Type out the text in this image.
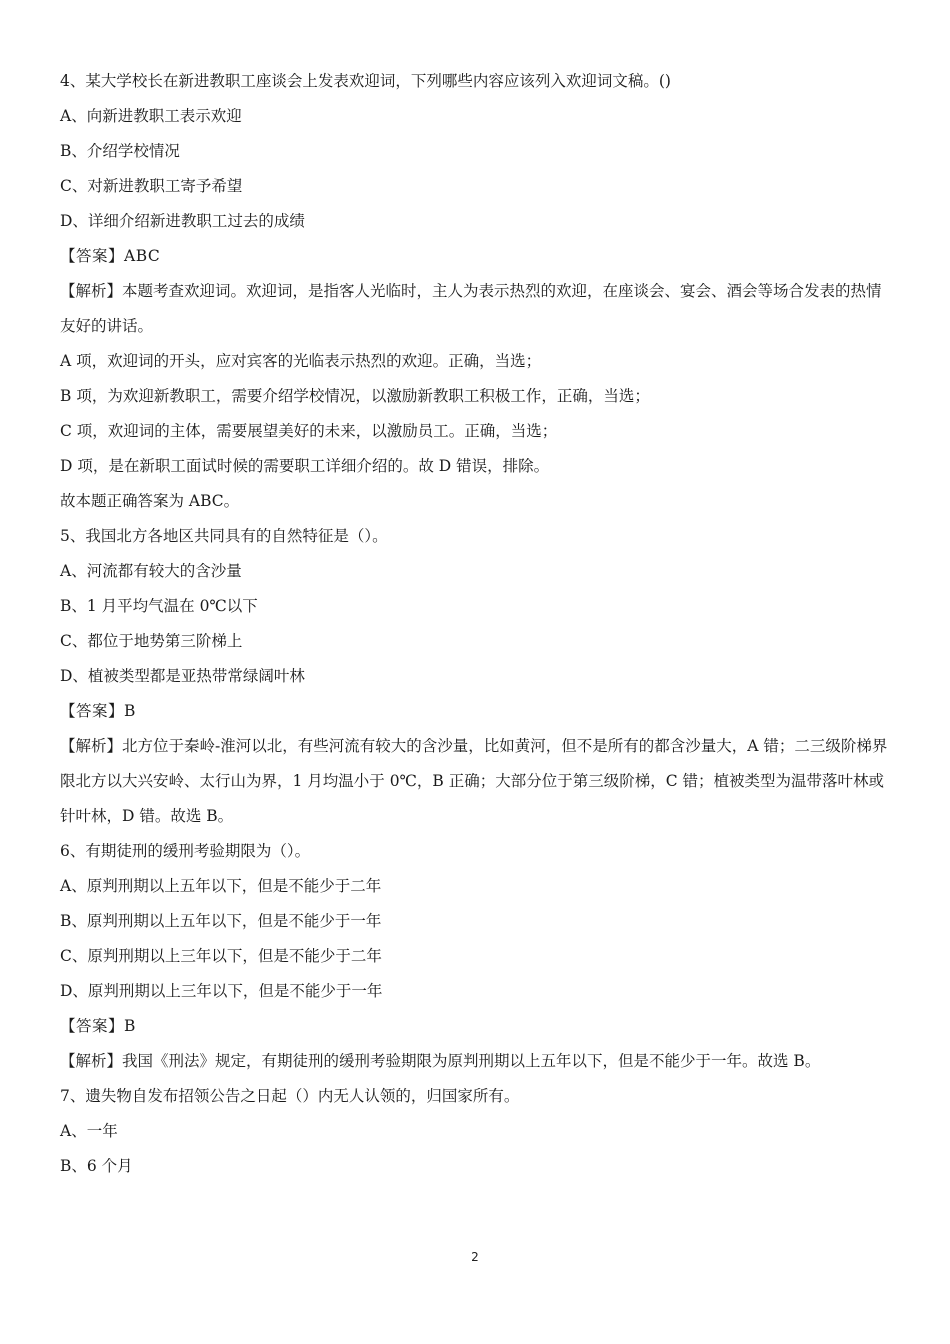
4、某大学校长在新进教职工座谈会上发表欢迎词，下列哪些内容应该列入欢迎词文稿。()

A、向新进教职工表示欢迎

B、介绍学校情况

C、对新进教职工寄予希望

D、详细介绍新进教职工过去的成绩

【答案】ABC

【解析】本题考查欢迎词。欢迎词，是指客人光临时，主人为表示热烈的欢迎，在座谈会、宴会、酒会等场合发表的热情友好的讲话。

A 项，欢迎词的开头，应对宾客的光临表示热烈的欢迎。正确，当选；

B 项，为欢迎新教职工，需要介绍学校情况，以激励新教职工积极工作，正确，当选；

C 项，欢迎词的主体，需要展望美好的未来，以激励员工。正确，当选；

D 项，是在新职工面试时候的需要职工详细介绍的。故 D 错误，排除。

故本题正确答案为 ABC。

5、我国北方各地区共同具有的自然特征是（）。

A、河流都有较大的含沙量

B、1 月平均气温在 0℃以下

C、都位于地势第三阶梯上

D、植被类型都是亚热带常绿阔叶林

【答案】B

【解析】北方位于秦岭-淮河以北，有些河流有较大的含沙量，比如黄河，但不是所有的都含沙量大，A 错；二三级阶梯界限北方以大兴安岭、太行山为界，1 月均温小于 0℃，B 正确；大部分位于第三级阶梯，C 错；植被类型为温带落叶林或针叶林，D 错。故选 B。

6、有期徒刑的缓刑考验期限为（）。

A、原判刑期以上五年以下，但是不能少于二年

B、原判刑期以上五年以下，但是不能少于一年

C、原判刑期以上三年以下，但是不能少于二年

D、原判刑期以上三年以下，但是不能少于一年

【答案】B

【解析】我国《刑法》规定，有期徒刑的缓刑考验期限为原判刑期以上五年以下，但是不能少于一年。故选 B。

7、遗失物自发布招领公告之日起（）内无人认领的，归国家所有。

A、一年

B、6 个月

2
